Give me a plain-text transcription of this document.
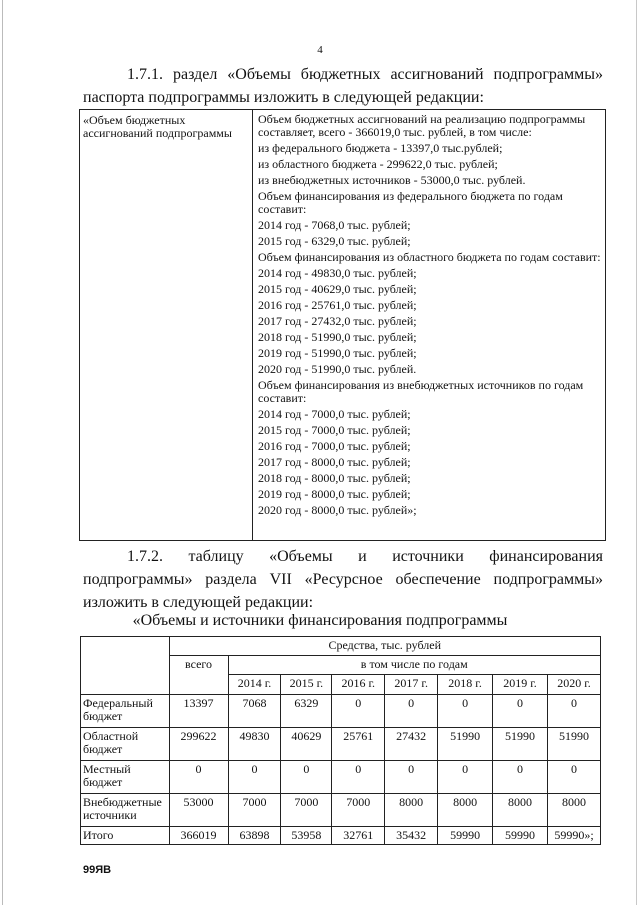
4
1.7.1. раздел «Объемы бюджетных ассигнований подпрограммы»
паспорта подпрограммы изложить в следующей редакции:
«Объем бюджетных ассигнований подпрограммы
Объем бюджетных ассигнований на реализацию подпрограммы составляет, всего - 366019,0 тыс. рублей, в том числе:
из федерального бюджета - 13397,0 тыс.рублей;
из областного бюджета - 299622,0 тыс. рублей;
из внебюджетных источников - 53000,0 тыс. рублей.
Объем финансирования из федерального бюджета по годам составит:
2014 год - 7068,0 тыс. рублей;
2015 год - 6329,0 тыс. рублей;
Объем финансирования из областного бюджета по годам составит:
2014 год - 49830,0 тыс. рублей;
2015 год - 40629,0 тыс. рублей;
2016 год - 25761,0 тыс. рублей;
2017 год - 27432,0 тыс. рублей;
2018 год - 51990,0 тыс. рублей;
2019 год - 51990,0 тыс. рублей;
2020 год - 51990,0 тыс. рублей.
Объем финансирования из внебюджетных источников по годам составит:
2014 год - 7000,0 тыс. рублей;
2015 год - 7000,0 тыс. рублей;
2016 год - 7000,0 тыс. рублей;
2017 год - 8000,0 тыс. рублей;
2018 год - 8000,0 тыс. рублей;
2019 год - 8000,0 тыс. рублей;
2020 год - 8000,0 тыс. рублей»;
1.7.2. таблицу «Объемы и источники финансирования
подпрограммы» раздела VII «Ресурсное обеспечение подпрограммы»
изложить в следующей редакции:
«Объемы и источники финансирования подпрограммы
	Средства, тыс. рублей							
	всего	в том числе по годам						
		2014 г.	2015 г.	2016 г.	2017 г.	2018 г.	2019 г.	2020 г.
Федеральный бюджет	13397	7068	6329	0	0	0	0	0
Областной бюджет	299622	49830	40629	25761	27432	51990	51990	51990
Местный бюджет	0	0	0	0	0	0	0	0
Внебюджетные источники	53000	7000	7000	7000	8000	8000	8000	8000
Итого	366019	63898	53958	32761	35432	59990	59990	59990»;
99ЯВ
